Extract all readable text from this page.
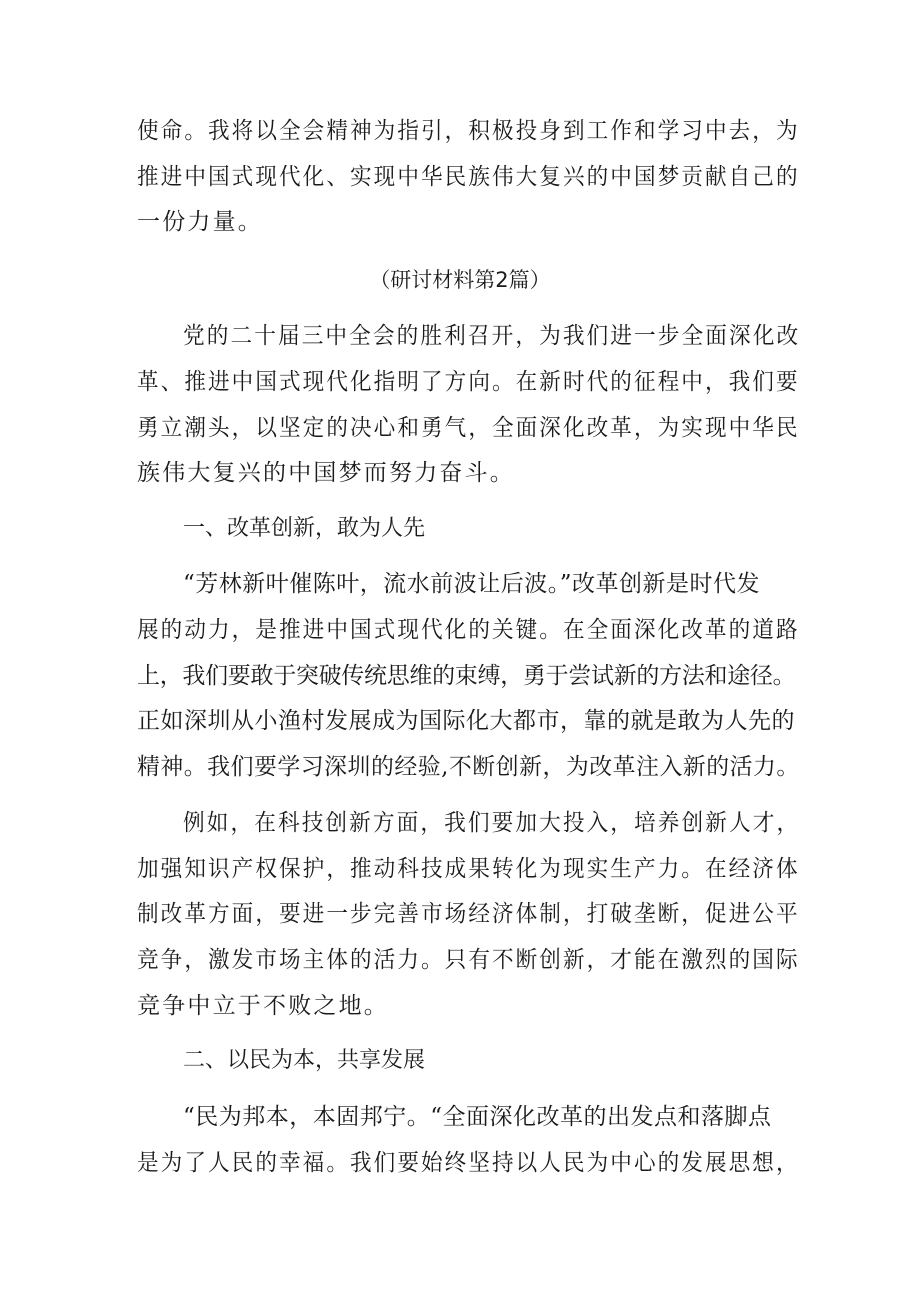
使命。我将以全会精神为指引，积极投身到工作和学习中去，为
推进中国式现代化、实现中华民族伟大复兴的中国梦贡献自己的
一份力量。
（研讨材料第2篇）
党的二十届三中全会的胜利召开，为我们进一步全面深化改
革、推进中国式现代化指明了方向。在新时代的征程中，我们要
勇立潮头，以坚定的决心和勇气，全面深化改革，为实现中华民
族伟大复兴的中国梦而努力奋斗。
一、改革创新，敢为人先
“芳林新叶催陈叶，流水前波让后波。”改革创新是时代发
展的动力，是推进中国式现代化的关键。在全面深化改革的道路
上，我们要敢于突破传统思维的束缚，勇于尝试新的方法和途径。
正如深圳从小渔村发展成为国际化大都市，靠的就是敢为人先的
精神。我们要学习深圳的经验,不断创新，为改革注入新的活力。
例如，在科技创新方面，我们要加大投入，培养创新人才，
加强知识产权保护，推动科技成果转化为现实生产力。在经济体
制改革方面，要进一步完善市场经济体制，打破垄断，促进公平
竞争，激发市场主体的活力。只有不断创新，才能在激烈的国际
竞争中立于不败之地。
二、以民为本，共享发展
“民为邦本，本固邦宁。“全面深化改革的出发点和落脚点
是为了人民的幸福。我们要始终坚持以人民为中心的发展思想，
